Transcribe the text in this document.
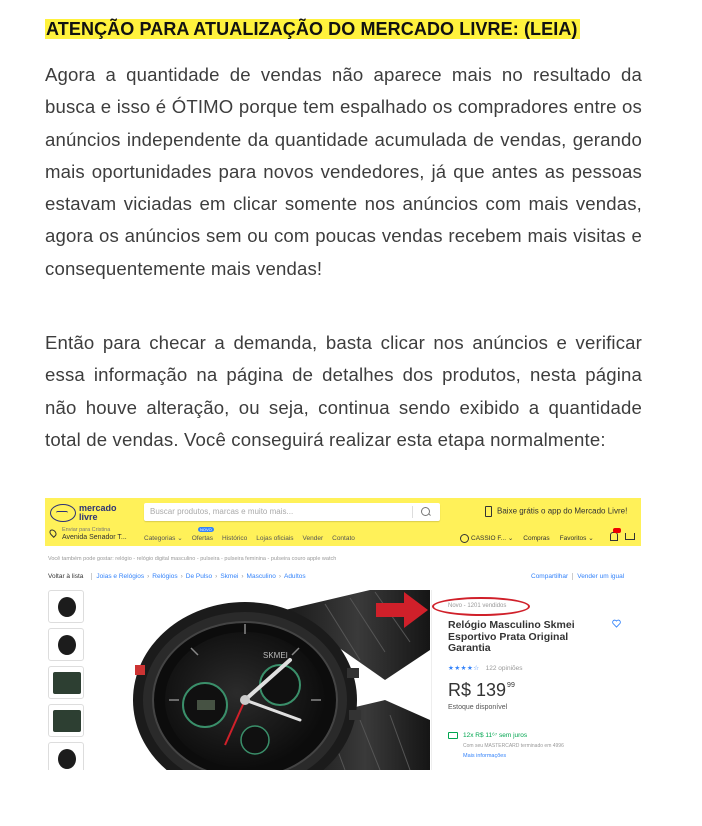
ATENÇÃO PARA ATUALIZAÇÃO DO MERCADO LIVRE: (LEIA)

Agora a quantidade de vendas não aparece mais no resultado da busca e isso é ÓTIMO porque tem espalhado os compradores entre os anúncios independente da quantidade acumulada de vendas, gerando mais oportunidades para novos vendedores, já que antes as pessoas estavam viciadas em clicar somente nos anúncios com mais vendas, agora os anúncios sem ou com poucas vendas recebem mais visitas e consequentemente mais vendas!

Então para checar a demanda, basta clicar nos anúncios e verificar essa informação na página de detalhes dos produtos, nesta página não houve alteração, ou seja, continua sendo exibido a quantidade total de vendas. Você conseguirá realizar esta etapa normalmente:

mercado
livre
Buscar produtos, marcas e muito mais...	Baixe grátis o app do Mercado Livre!
Enviar para Cristina
Avenida Senador T...	Categorias ⌄ Ofertas Histórico Lojas oficiais Vender Contato
NOVO
CASSIO F... ⌄ Compras Favoritos ⌄
Você também pode gostar: relógio - relógio digital masculino - pulseira - pulseira feminina - pulseira couro apple watch
Voltar à lista Joias e Relógios › Relógios › De Pulso › Skmei › Masculino › Adultos	Compartilhar Vender um igual
SKMEI
Novo - 1201 vendidos
Relógio Masculino Skmei Esportivo Prata Original Garantia
★★★★☆ 122 opiniões
R$ $139^{99}$
Estoque disponível
12x R$ 11⁶⁷ sem juros
Com seu MASTERCARD terminado em 4996
Mais informações
